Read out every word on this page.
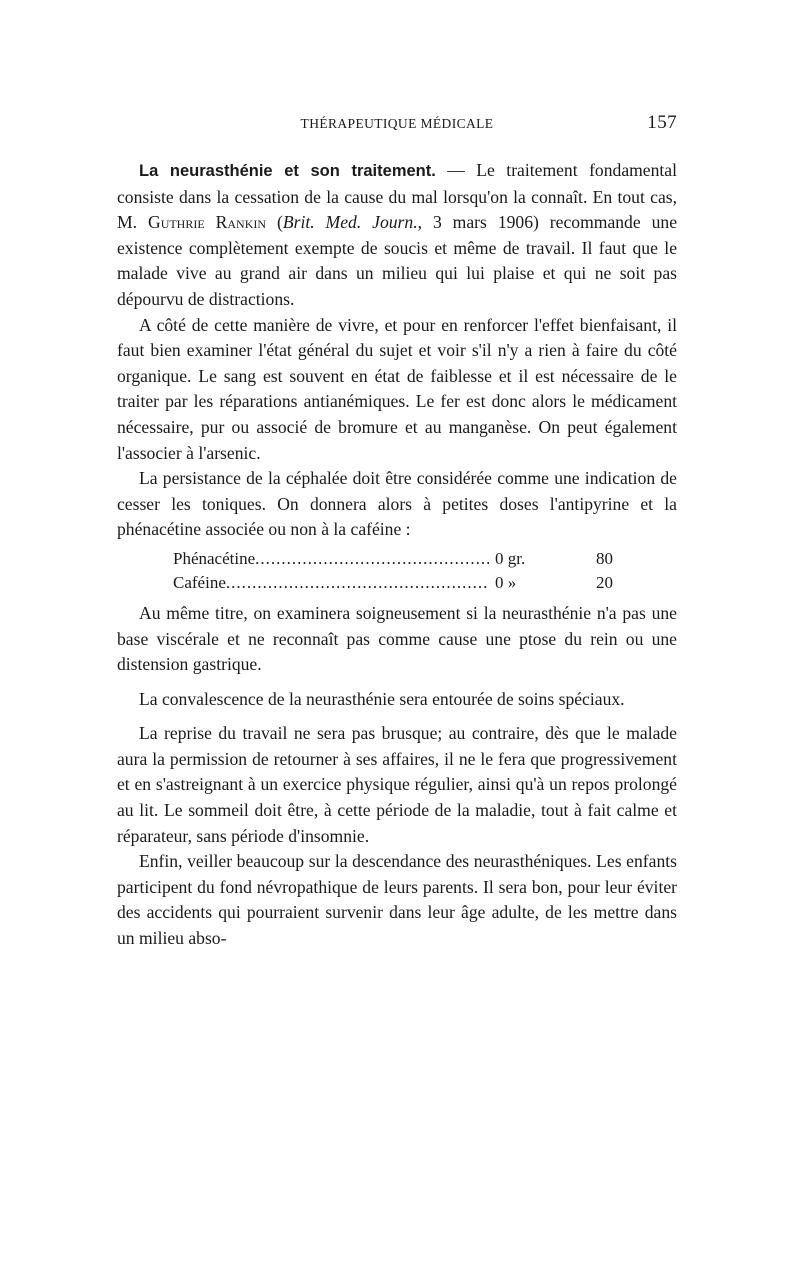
THÉRAPEUTIQUE MÉDICALE	157

La neurasthénie et son traitement. — Le traitement fondamental consiste dans la cessation de la cause du mal lorsqu'on la connaît. En tout cas, M. Guthrie Rankin (Brit. Med. Journ., 3 mars 1906) recommande une existence complètement exempte de soucis et même de travail. Il faut que le malade vive au grand air dans un milieu qui lui plaise et qui ne soit pas dépourvu de distractions.

A côté de cette manière de vivre, et pour en renforcer l'effet bienfaisant, il faut bien examiner l'état général du sujet et voir s'il n'y a rien à faire du côté organique. Le sang est souvent en état de faiblesse et il est nécessaire de le traiter par les réparations antianémiques. Le fer est donc alors le médicament nécessaire, pur ou associé de bromure et au manganèse. On peut également l'associer à l'arsenic.

La persistance de la céphalée doit être considérée comme une indication de cesser les toniques. On donnera alors à petites doses l'antipyrine et la phénacétine associée ou non à la caféine :

Phénacétine .....	0 gr.	80
Caféine .....	0 »	20

Au même titre, on examinera soigneusement si la neurasthénie n'a pas une base viscérale et ne reconnaît pas comme cause une ptose du rein ou une distension gastrique.

La convalescence de la neurasthénie sera entourée de soins spéciaux.

La reprise du travail ne sera pas brusque; au contraire, dès que le malade aura la permission de retourner à ses affaires, il ne le fera que progressivement et en s'astreignant à un exercice physique régulier, ainsi qu'à un repos prolongé au lit. Le sommeil doit être, à cette période de la maladie, tout à fait calme et réparateur, sans période d'insomnie.

Enfin, veiller beaucoup sur la descendance des neurasthéniques. Les enfants participent du fond névropathique de leurs parents. Il sera bon, pour leur éviter des accidents qui pourraient survenir dans leur âge adulte, de les mettre dans un milieu abso-
